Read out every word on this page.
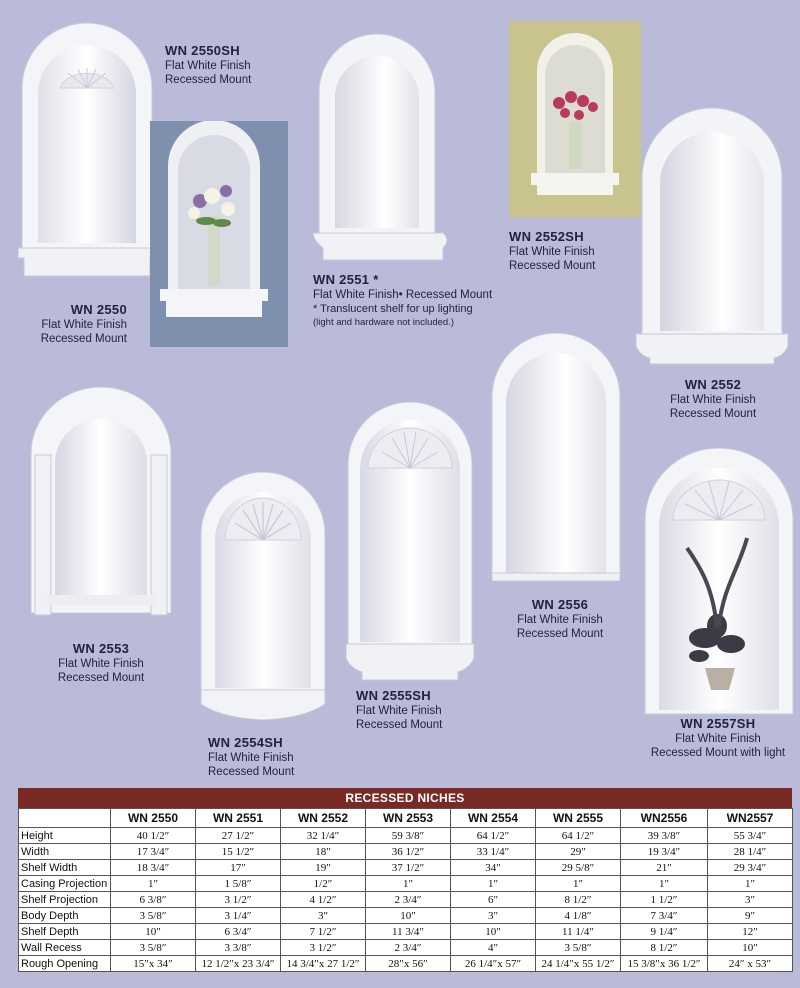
WN 2550SH
Flat White Finish
Recessed Mount
WN 2550
Flat White Finish
Recessed Mount
WN 2551 *
Flat White Finish• Recessed Mount
* Translucent shelf for up lighting
(light and hardware not included.)
WN 2552SH
Flat White Finish
Recessed Mount
WN 2552
Flat White Finish
Recessed Mount
WN 2553
Flat White Finish
Recessed Mount
WN 2554SH
Flat White Finish
Recessed Mount
WN 2555SH
Flat White Finish
Recessed Mount
WN 2556
Flat White Finish
Recessed Mount
WN 2557SH
Flat White Finish
Recessed Mount with light
RECESSED NICHES
	WN 2550	WN 2551	WN 2552	WN 2553	WN 2554	WN 2555	WN2556	WN2557
Height	40 1/2″	27 1/2″	32 1/4″	59 3/8″	64 1/2″	64 1/2″	39 3/8″	55 3/4″
Width	17 3/4″	15 1/2″	18″	36 1/2″	33 1/4″	29″	19 3/4″	28 1/4″
Shelf Width	18 3/4″	17″	19″	37 1/2″	34″	29 5/8″	21″	29 3/4″
Casing Projection	1″	1 5/8″	1/2″	1″	1″	1″	1″	1″
Shelf Projection	6 3/8″	3 1/2″	4 1/2″	2 3/4″	6″	8 1/2″	1 1/2″	3″
Body Depth	3 5/8″	3 1/4″	3″	10″	3″	4 1/8″	7 3/4″	9″
Shelf Depth	10″	6 3/4″	7 1/2″	11 3/4″	10″	11 1/4″	9 1/4″	12″
Wall Recess	3 5/8″	3 3/8″	3 1/2″	2 3/4″	4″	3 5/8″	8 1/2″	10″
Rough Opening	15″x 34″	12 1/2″x 23 3/4″	14 3/4″x 27 1/2″	28″x 56″	26 1/4″x 57″	24 1/4″x 55 1/2″	15 3/8″x 36 1/2″	24″ x 53″
